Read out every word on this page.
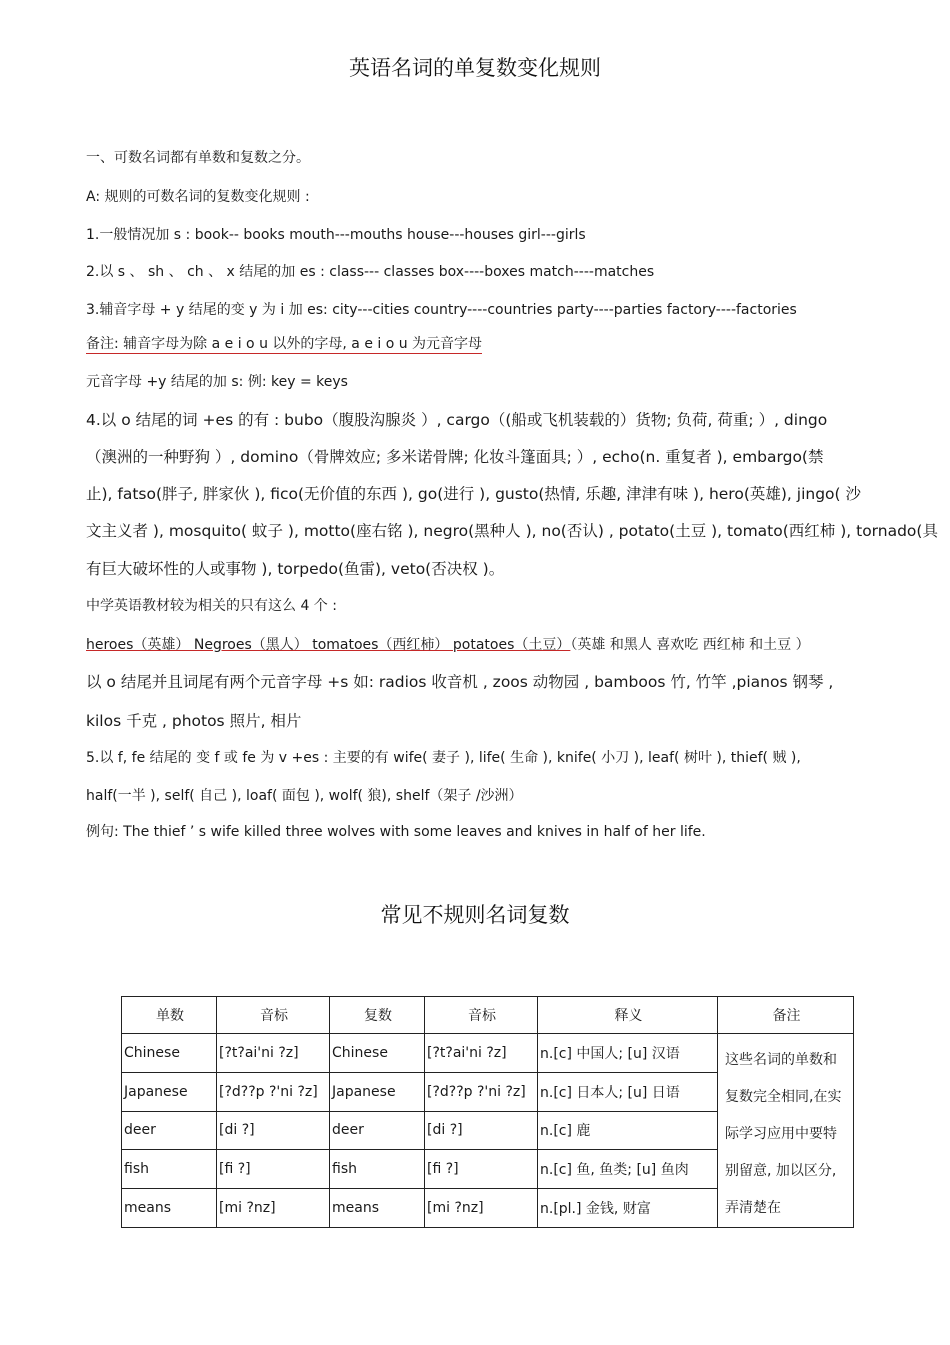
英语名词的单复数变化规则
一、可数名词都有单数和复数之分。
A: 规则的可数名词的复数变化规则 :
1.一般情况加 s : book-- books mouth---mouths house---houses girl---girls
2.以 s 、 sh 、 ch 、 x 结尾的加 es : class--- classes box----boxes match----matches
3.辅音字母 + y 结尾的变 y 为 i 加 es: city---cities country----countries party----parties factory----factories
备注: 辅音字母为除 a e i o u 以外的字母, a e i o u 为元音字母
元音字母 +y 结尾的加 s: 例: key = keys
4.以 o 结尾的词 +es 的有 : bubo（腹股沟腺炎 ）, cargo（(船或飞机装载的）货物; 负荷, 荷重; ）, dingo
（澳洲的一种野狗 ）, domino（骨牌效应; 多米诺骨牌; 化妆斗篷面具; ）, echo(n. 重复者 ), embargo(禁
止), fatso(胖子, 胖家伙 ), fico(无价值的东西 ), go(进行 ), gusto(热情, 乐趣, 津津有味 ), hero(英雄), jingo( 沙
文主义者 ), mosquito( 蚊子 ), motto(座右铭 ), negro(黑种人 ), no(否认) , potato(土豆 ), tomato(西红柿 ), tornado(具
有巨大破坏性的人或事物 ), torpedo(鱼雷), veto(否决权 )。
中学英语教材较为相关的只有这么 4 个 :
heroes（英雄） Negroes（黑人） tomatoes（西红柿） potatoes（土豆）（英雄 和黑人 喜欢吃 西红柿 和土豆 ）
以 o 结尾并且词尾有两个元音字母 +s 如: radios 收音机 , zoos 动物园 , bamboos 竹, 竹竿 ,pianos 钢琴 ,
kilos 千克 , photos 照片, 相片
5.以 f, fe 结尾的 变 f 或 fe 为 v +es : 主要的有 wife( 妻子 ), life( 生命 ), knife( 小刀 ), leaf( 树叶 ), thief( 贼 ),
half(一半 ), self( 自己 ), loaf( 面包 ), wolf( 狼), shelf（架子 /沙洲）
例句: The thief ’ s wife killed three wolves with some leaves and knives in half of her life.
常见不规则名词复数
单数	音标	复数	音标	释义	备注
Chinese	[?t?ai'ni ?z]	Chinese	[?t?ai'ni ?z]	n.[c] 中国人; [u] 汉语	这些名词的单数和复数完全相同,在实际学习应用中要特别留意, 加以区分, 弄清楚在
Japanese	[?d??p ?'ni ?z]	Japanese	[?d??p ?'ni ?z]	n.[c] 日本人; [u] 日语	
deer	[di ?]	deer	[di ?]	n.[c] 鹿	
fish	[fi ?]	fish	[fi ?]	n.[c] 鱼, 鱼类; [u] 鱼肉	
means	[mi ?nz]	means	[mi ?nz]	n.[pl.] 金钱, 财富	
